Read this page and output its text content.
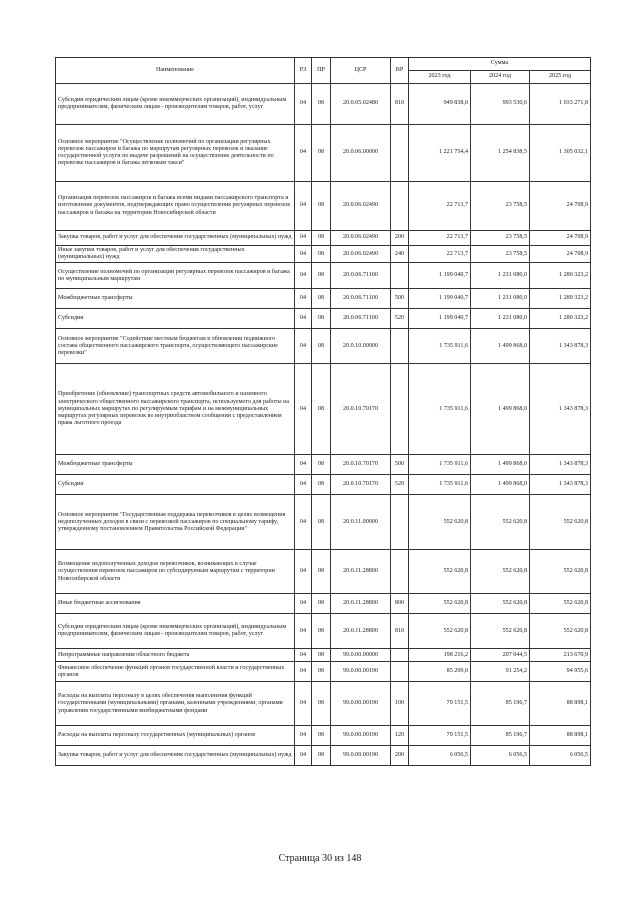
Наименование	РЗ	ПР	ЦСР	ВР	Сумма		
					2023 год	2024 год	2025 год
Субсидии юридическим лицам (кроме некоммерческих организаций), индивидуальным предпринимателям, физическим лицам - производителям товаров, работ, услуг	04	08	20.0.05.02480	810	949 838,0	993 530,6	1 033 271,8
Основное мероприятие "Осуществление полномочий по организации регулярных перевозок пассажиров и багажа по маршрутам регулярных перевозок и оказание государственной услуги по выдаче разрешений на осуществление деятельности по перевозке пассажиров и багажа легковым такси"	04	08	20.0.06.00000		1 221 754,4	1 254 838,5	1 305 032,1
Организация перевозок пассажиров и багажа всеми видами пассажирского транспорта и изготовление документов, подтверждающих право осуществления регулярных перевозок пассажиров и багажа на территории Новосибирской области	04	08	20.0.06.02490		22 713,7	23 758,5	24 708,9
Закупка товаров, работ и услуг для обеспечения государственных (муниципальных) нужд	04	08	20.0.06.02490	200	22 713,7	23 758,5	24 708,9
Иные закупки товаров, работ и услуг для обеспечения государственных (муниципальных) нужд	04	08	20.0.06.02490	240	22 713,7	23 758,5	24 708,9
Осуществление полномочий по организации регулярных перевозок пассажиров и багажа по муниципальным маршрутам	04	08	20.0.06.71100		1 199 040,7	1 231 080,0	1 280 323,2
Межбюджетные трансферты	04	08	20.0.06.71100	500	1 199 040,7	1 231 080,0	1 280 323,2
Субсидии	04	08	20.0.06.71100	520	1 199 040,7	1 231 080,0	1 280 323,2
Основное мероприятие "Содействие местным бюджетам в обновлении подвижного состава общественного пассажирского транспорта, осуществляющего пассажирские перевозки"	04	08	20.0.10.00000		1 735 911,6	1 499 868,0	1 343 878,3
Приобретение (обновление) транспортных средств автомобильного и наземного электрического общественного пассажирского транспорта, используемого для работы на муниципальных маршрутах по регулируемым тарифам и на межмуниципальных маршрутах регулярных перевозок во внутриобластном сообщении с предоставлением права льготного проезда	04	08	20.0.10.70170		1 735 911,6	1 499 868,0	1 343 878,3
Межбюджетные трансферты	04	08	20.0.10.70170	500	1 735 911,6	1 499 868,0	1 343 878,3
Субсидии	04	08	20.0.10.70170	520	1 735 911,6	1 499 868,0	1 343 878,3
Основное мероприятие "Государственная поддержка перевозчиков в целях возмещения недополученных доходов в связи с перевозкой пассажиров по специальному тарифу, утвержденному постановлением Правительства Российской Федерации"	04	08	20.0.11.00000		552 620,8	552 620,8	552 620,8
Возмещение недополученных доходов перевозчиков, возникающих в случае осуществления перевозок пассажиров по субсидируемым маршрутам с территории Новосибирской области	04	08	20.0.11.28800		552 620,8	552 620,8	552 620,8
Иные бюджетные ассигнования	04	08	20.0.11.28800	800	552 620,8	552 620,8	552 620,8
Субсидии юридическим лицам (кроме некоммерческих организаций), индивидуальным предпринимателям, физическим лицам - производителям товаров, работ, услуг	04	08	20.0.11.28800	810	552 620,8	552 620,8	552 620,8
Непрограммные направления областного бюджета	04	08	99.0.00.00000		198 216,2	207 044,5	213 670,9
Финансовое обеспечение функций органов государственной власти и государственных органов	04	08	99.0.00.00190		85 209,0	91 254,2	94 955,6
Расходы на выплаты персоналу в целях обеспечения выполнения функций государственными (муниципальными) органами, казенными учреждениями, органами управления государственными внебюджетными фондами	04	08	99.0.00.00190	100	79 151,5	85 196,7	88 898,1
Расходы на выплаты персоналу государственных (муниципальных) органов	04	08	99.0.00.00190	120	79 151,5	85 196,7	88 898,1
Закупка товаров, работ и услуг для обеспечения государственных (муниципальных) нужд	04	08	99.0.00.00190	200	6 056,5	6 056,5	6 056,5
Страница 30 из 148
